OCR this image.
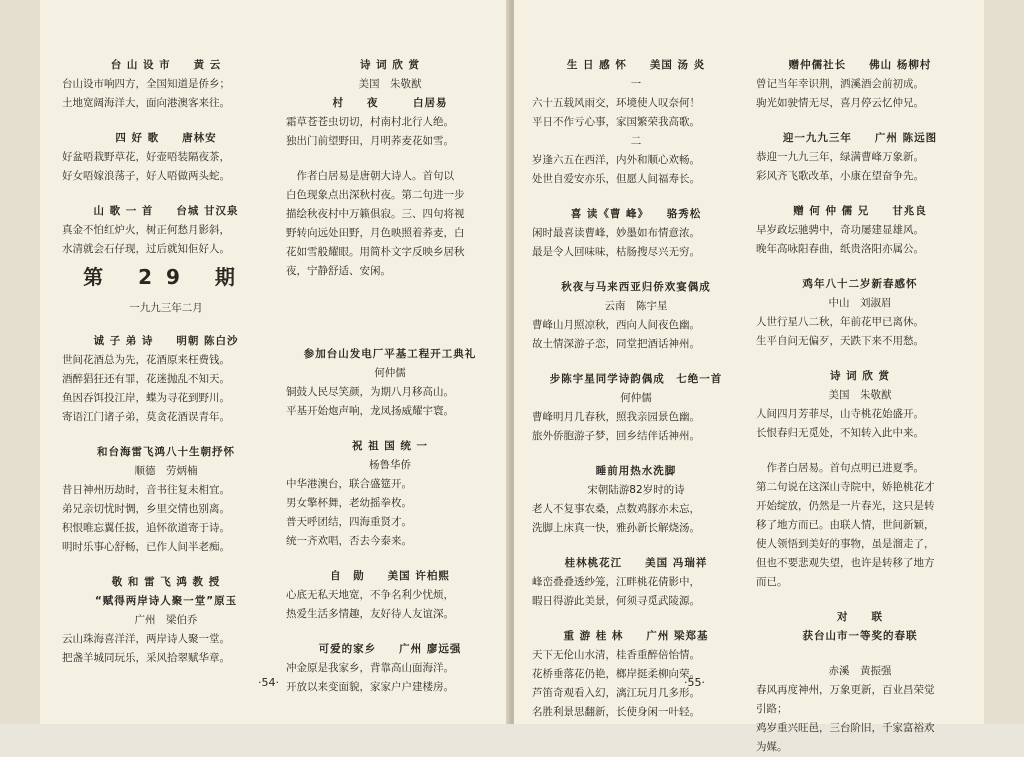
台 山 设 市　　黄 云
台山设市响四方，全国知道是侨乡；
土地宽阔海洋大，面向港澳客来往。
四 好 歌　　唐林安
好盆唔栽野草花，好壶唔装隔夜茶，
好女唔嫁浪荡子，好人唔做两头蛇。
山 歌 一 首　　台城 甘汉泉
真金不怕红炉火，树正何愁月影斜，
水清就会石仔现，过后就知佢好人。
第 29 期
一九九三年二月
诚 子 弟 诗　　明朝 陈白沙
世间花酒总为先，花酒原来枉费钱。
酒醉猖狂还有罪，花迷抛乱不知天。
鱼因吞饵投江岸，蝶为寻花到野川。
寄语江门诸子弟，莫贪花酒误青年。
和台海雷飞鸿八十生朝抒怀
顺德　劳炳楠
昔日神州历劫时，音书往复未相宜。
弟兄亲切忧时惆，乡里交情也别离。
积恨唯忘翼任拔，追怀欲道寄于诗。
明时乐事心舒畅，已作人间半老痴。
敬 和 雷 飞 鸿 教 授
“赋得两岸诗人聚一堂”原玉
广州　梁伯乔
云山珠海喜洋洋，两岸诗人聚一堂。
把盏羊城同玩乐，采风拾翠赋华章。
诗 词 欣 赏
美国　朱敬猷
村　　夜　　　白居易
霜草苍苍虫切切，村南村北行人绝。
独出门前望野田，月明荞麦花如雪。
　作者白居易是唐朝大诗人。首句以
白色现象点出深秋村夜。第二句进一步
描绘秋夜村中万籁俱寂。三、四句将视
野转向远处田野，月色映照着荞麦，白
花如雪般耀眼。用简朴文字反映乡居秋
夜，宁静舒适、安闲。
参加台山发电厂平基工程开工典礼
何仲儒
铜鼓人民尽笑颜，为期八月移高山。
平基开始炮声响，龙凤扬威耀宇寰。
祝 祖 国 统 一
杨鲁华侨
中华港澳台，联合盛筵开。
男女擎杯舞，老幼摇拳枚。
普天呼团结，四海重贤才。
统一齐欢唱，否去今泰来。
自　勋　　美国 许柏熙
心底无私天地宽，不争名利少忧烦，
热爱生活多情趣，友好待人友谊深。
可爱的家乡　　广州 廖远强
冲金原是我家乡，背靠高山面海洋。
开放以来变面貌，家家户户建楼房。
·54·
生 日 感 怀　　美国 汤 炎
一
六十五载风雨交，环境使人叹奈何！
平日不作亏心事，家国繁荣我高歌。
二
岁逢六五在西洋，内外和顺心欢畅。
处世自爱安亦乐，但愿人间福寿长。
喜 读《曹 峰》　　骆秀松
闲时最喜读曹峰，妙墨如布情意浓。
最是令人回味味，枯肠搜尽兴无穷。
秋夜与马来西亚归侨欢宴偶成
云南　陈宇星
曹峰山月照凉秋，西向人间夜色幽。
故土情深游子恋，同堂把酒话神州。
步陈宇星同学诗韵偶成　七绝一首
何仲儒
曹峰明月几春秋，照我亲园景色幽。
旅外侨胞游子梦，回乡结伴话神州。
睡前用热水洗脚
宋朝陆游82岁时的诗
老人不复事农桑，点数鸡豚亦未忘，
洗脚上床真一快，雅孙新长解烧汤。
桂林桃花江　　美国 冯瑞祥
峰峦叠叠透纱笼，江畔桃花倩影中，
暇日得游此美景，何须寻觅武陵源。
重 游 桂 林　　广州 梁郑基
天下无伦山水清，桂香重醉倍怡情。
花桥垂落花仍艳，榔岸挺柔柳向荣。
芦笛奇观看入幻，漓江玩月几多形。
名胜利景思翻新，长使身闲一叶轻。
赠仲儒社长　　佛山 杨柳村
曾记当年幸识荆，洒溪酒会前初成。
驹光如驶情无尽，喜月停云忆仲兄。
迎一九九三年　　广州 陈远图
恭迎一九九三年，绿满曹峰万象新。
彩风齐飞歌改革，小康在望奋争先。
赠 何 仲 儒 兄　　甘兆良
早岁政坛驰骋中，奇功屡建显雄风。
晚年高咏阳春曲，纸贵洛阳亦属公。
鸡年八十二岁新春感怀
中山　刘淑眉
人世行星八二秋，年前花甲已离休。
生平自问无偏歹，天跌下来不用愁。
诗 词 欣 赏
美国　朱敬猷
人间四月芳菲尽，山寺桃花始盛开。
长恨春归无觅处，不知转入此中来。
　作者白居易。首句点明已进夏季。
第二句说在这深山寺院中，娇艳桃花才
开始绽放，仍然是一片春光，这只是转
移了地方而已。由联人情，世间新颖，
使人领悟到美好的事物，虽是溜走了，
但也不要悲观失望，也许是转移了地方
而已。
对　　联
获台山市一等奖的春联
赤溪　黄振强
春风再度神州，万象更新，百业昌荣觉
引路；
鸡岁重兴旺邑，三台阶旧，千家富裕欢
为媒。
·55·
